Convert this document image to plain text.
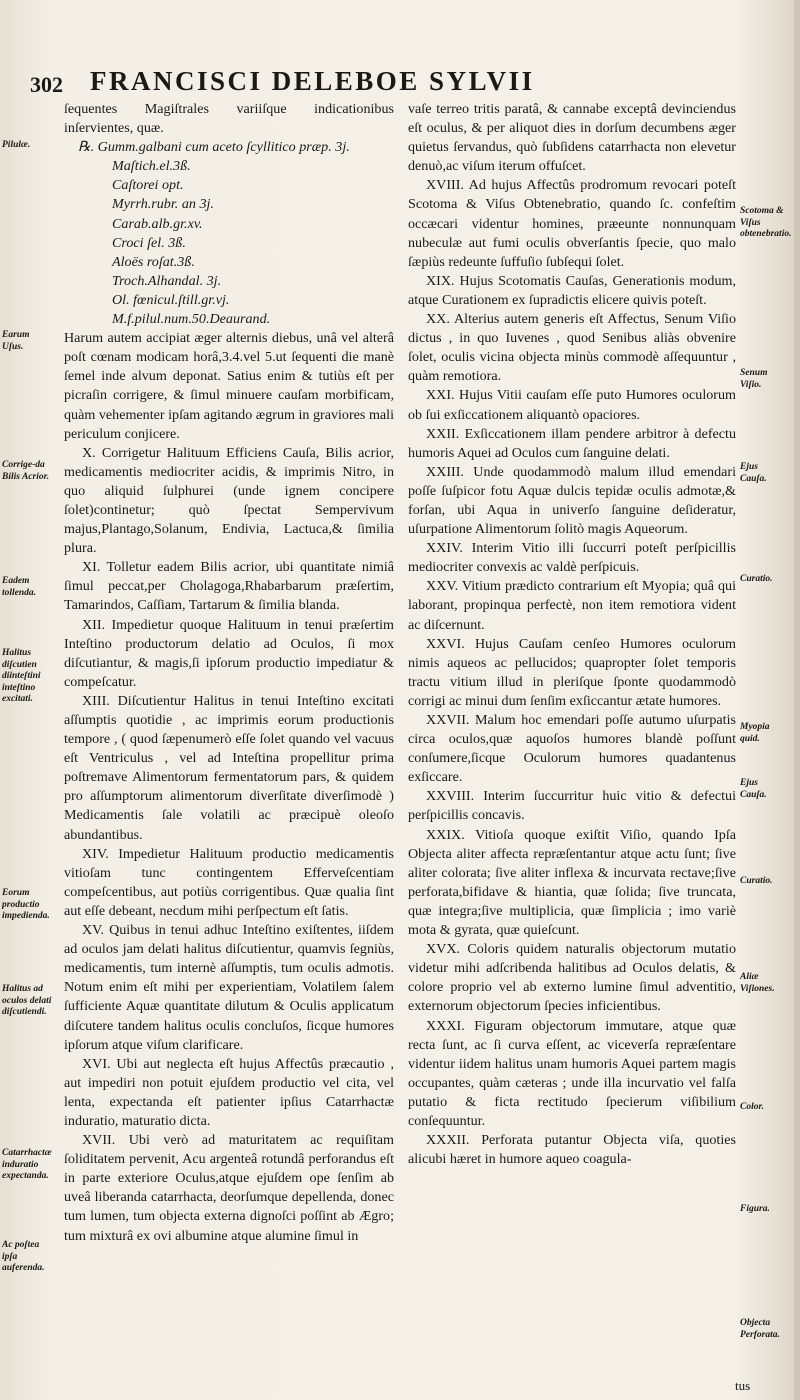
302 FRANCISCI DELEBOE SYLVII
Pilulæ.
Earum Uſus.
Corrige-da Bilis Acrior.
Eadem tollenda.
Halitus diſcutien diinteſtini inteſtino excitati.
Eorum productio impedienda.
Halitus ad oculos delati diſcutiendi.
Catarrhactæ induratio expectanda.
Ac poſtea ipſa auferenda.
Scotoma & Viſus obtenebratio.
Senum Viſio.
Ejus Cauſa.
Curatio.
Myopia quid.
Ejus Cauſa.
Curatio.
Aliæ Viſiones.
Color.
Figura.
Objecta Perforata.

ſequentes Magiſtrales variiſque indicationibus inſervientes, quæ.

℞. Gumm.galbani cum aceto ſcyllitico præp. 3j.
Maſtich.el.3ß.
Caſtorei opt.
Myrrh.rubr. an 3j.
Carab.alb.gr.xv.
Croci ſel. 3ß.
Aloës roſat.3ß.
Troch.Alhandal. 3j.
Ol. fœnicul.ſtill.gr.vj.
M.f.pilul.num.50.Deaurand.

Harum autem accipiat æger alternis diebus, unâ vel alterâ poſt cœnam modicam horâ,3.4.vel 5.ut ſequenti die manè ſemel inde alvum deponat. Satius enim & tutiùs eſt per picraſin corrigere, & ſimul minuere cauſam morbificam, quàm vehementer ipſam agitando ægrum in graviores mali periculum conjicere.

X. Corrigetur Halituum Efficiens Cauſa, Bilis acrior, medicamentis mediocriter acidis, & imprimis Nitro, in quo aliquid ſulphurei (unde ignem concipere ſolet)continetur; quò ſpectat Sempervivum majus,Plantago,Solanum, Endivia, Lactuca,& ſimilia plura.

XI. Tolletur eadem Bilis acrior, ubi quantitate nimiâ ſimul peccat,per Cholagoga,Rhabarbarum præſertim, Tamarindos, Caſſiam, Tartarum & ſimilia blanda.

XII. Impedietur quoque Halituum in tenui præſertim Inteſtino productorum delatio ad Oculos, ſi mox diſcutiantur, & magis,ſi ipſorum productio impediatur & compeſcatur.

XIII. Diſcutientur Halitus in tenui Inteſtino excitati aſſumptis quotidie , ac imprimis eorum productionis tempore , ( quod ſæpenumerò eſſe ſolet quando vel vacuus eſt Ventriculus , vel ad Inteſtina propellitur prima poſtremave Alimentorum fermentatorum pars, & quidem pro aſſumptorum alimentorum diverſitate diverſimodè ) Medicamentis ſale volatili ac præcipuè oleoſo abundantibus.

XIV. Impedietur Halituum productio medicamentis vitioſam tunc contingentem Efferveſcentiam compeſcentibus, aut potiùs corrigentibus. Quæ qualia ſint aut eſſe debeant, necdum mihi perſpectum eſt ſatis.

XV. Quibus in tenui adhuc Inteſtino exiſtentes, iiſdem ad oculos jam delati halitus diſcutientur, quamvis ſegniùs, medicamentis, tum internè aſſumptis, tum oculis admotis. Notum enim eſt mihi per experientiam, Volatilem ſalem ſufficiente Aquæ quantitate dilutum & Oculis applicatum diſcutere tandem halitus oculis concluſos, ſicque humores ipſorum atque viſum clarificare.

XVI. Ubi aut neglecta eſt hujus Affectûs præcautio , aut impediri non potuit ejuſdem productio vel cita, vel lenta, expectanda eſt patienter ipſius Catarrhactæ induratio, maturatio dicta.

XVII. Ubi verò ad maturitatem ac requiſitam ſoliditatem pervenit, Acu argenteâ rotundâ perforandus eſt in parte exteriore Oculus,atque ejuſdem ope ſenſim ab uveâ liberanda catarrhacta, deorſumque depellenda, donec tum lumen, tum objecta externa dignoſci poſſint ab Ægro; tum mixturâ ex ovi albumine atque alumine ſimul in

vaſe terreo tritis paratâ, & cannabe exceptâ devinciendus eſt oculus, & per aliquot dies in dorſum decumbens æger quietus ſervandus, quò ſubſidens catarrhacta non elevetur denuò,ac viſum iterum offuſcet.

XVIII. Ad hujus Affectûs prodromum revocari poteſt Scotoma & Viſus Obtenebratio, quando ſc. confeſtim occæcari videntur homines, præeunte nonnunquam nubeculæ aut fumi oculis obverſantis ſpecie, quo malo ſæpiùs redeunte ſuffuſio ſubſequi ſolet.

XIX. Hujus Scotomatis Cauſas, Generationis modum, atque Curationem ex ſupradictis elicere quivis poteſt.

XX. Alterius autem generis eſt Affectus, Senum Viſio dictus , in quo Iuvenes , quod Senibus aliàs obvenire ſolet, oculis vicina objecta minùs commodè aſſequuntur , quàm remotiora.

XXI. Hujus Vitii cauſam eſſe puto Humores oculorum ob ſui exſiccationem aliquantò opaciores.

XXII. Exſiccationem illam pendere arbitror à defectu humoris Aquei ad Oculos cum ſanguine delati.

XXIII. Unde quodammodò malum illud emendari poſſe ſuſpicor fotu Aquæ dulcis tepidæ oculis admotæ,& forſan, ubi Aqua in univerſo ſanguine deſideratur, uſurpatione Alimentorum ſolitò magis Aqueorum.

XXIV. Interim Vitio illi ſuccurri poteſt perſpicillis mediocriter convexis ac valdè perſpicuis.

XXV. Vitium prædicto contrarium eſt Myopia; quâ qui laborant, propinqua perfectè, non item remotiora vident ac diſcernunt.

XXVI. Hujus Cauſam cenſeo Humores oculorum nimis aqueos ac pellucidos; quapropter ſolet temporis tractu vitium illud in pleriſque ſponte quodammodò corrigi ac minui dum ſenſim exſiccantur ætate humores.

XXVII. Malum hoc emendari poſſe autumo uſurpatis circa oculos,quæ aquoſos humores blandè poſſunt conſumere,ſicque Oculorum humores quadantenus exſiccare.

XXVIII. Interim ſuccurritur huic vitio & defectui perſpicillis concavis.

XXIX. Vitioſa quoque exiſtit Viſio, quando Ipſa Objecta aliter affecta repræſentantur atque actu ſunt; ſive aliter colorata; ſive aliter inflexa & incurvata rectave;ſive perforata,bifidave & hiantia, quæ ſolida; ſive truncata, quæ integra;ſive multiplicia, quæ ſimplicia ; imo variè mota & gyrata, quæ quieſcunt.

XVX. Coloris quidem naturalis objectorum mutatio videtur mihi adſcribenda halitibus ad Oculos delatis, & colore proprio vel ab externo lumine ſimul adventitio, externorum objectorum ſpecies inficientibus.

XXXI. Figuram objectorum immutare, atque quæ recta ſunt, ac ſi curva eſſent, ac viceverſa repræſentare videntur iidem halitus unam humoris Aquei partem magis occupantes, quàm cæteras ; unde illa incurvatio vel falſa putatio & ficta rectitudo ſpecierum viſibilium conſequuntur.

XXXII. Perforata putantur Objecta viſa, quoties alicubi hæret in humore aqueo coagula-

tus
